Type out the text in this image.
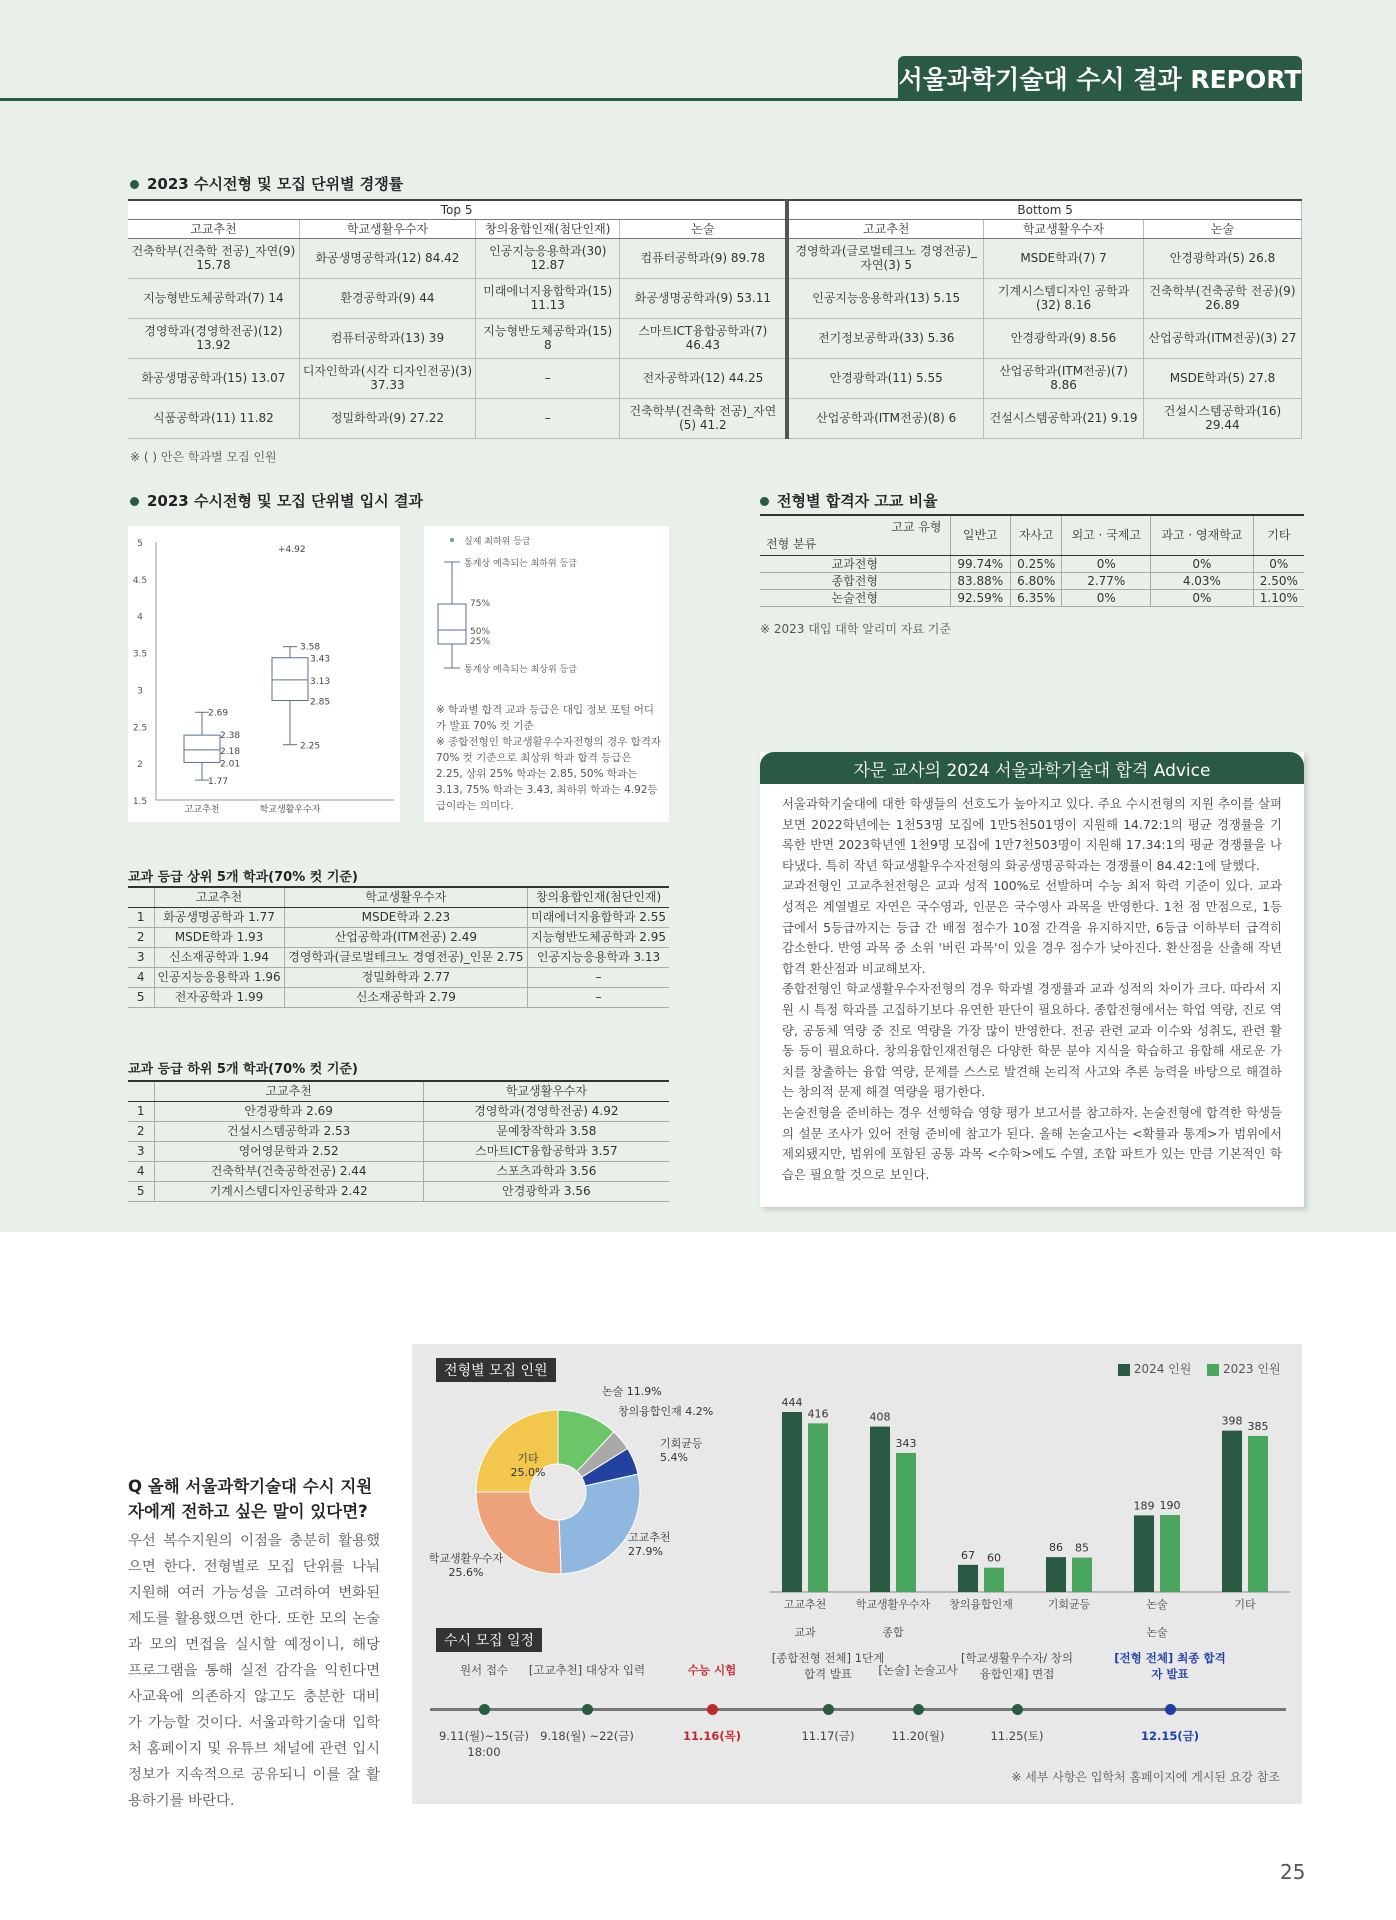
서울과학기술대 수시 결과 REPORT
2023 수시전형 및 모집 단위별 경쟁률
Top 5				Bottom 5		
고교추천	학교생활우수자	창의융합인재(첨단인재)	논술	고교추천	학교생활우수자	논술
건축학부(건축학 전공)_자연(9) 15.78	화공생명공학과(12) 84.42	인공지능응용학과(30) 12.87	컴퓨터공학과(9) 89.78	경영학과(글로벌테크노 경영전공)_자연(3) 5	MSDE학과(7) 7	안경광학과(5) 26.8
지능형반도체공학과(7) 14	환경공학과(9) 44	미래에너지융합학과(15) 11.13	화공생명공학과(9) 53.11	인공지능응용학과(13) 5.15	기계시스템디자인 공학과(32) 8.16	건축학부(건축공학 전공)(9) 26.89
경영학과(경영학전공)(12) 13.92	컴퓨터공학과(13) 39	지능형반도체공학과(15) 8	스마트ICT융합공학과(7) 46.43	전기정보공학과(33) 5.36	안경광학과(9) 8.56	산업공학과(ITM전공)(3) 27
화공생명공학과(15) 13.07	디자인학과(시각 디자인전공)(3) 37.33	–	전자공학과(12) 44.25	안경광학과(11) 5.55	산업공학과(ITM전공)(7) 8.86	MSDE학과(5) 27.8
식품공학과(11) 11.82	정밀화학과(9) 27.22	–	건축학부(건축학 전공)_자연(5) 41.2	산업공학과(ITM전공)(8) 6	건설시스템공학과(21) 9.19	건설시스템공학과(16) 29.44
※ ( ) 안은 학과별 모집 인원
2023 수시전형 및 모집 단위별 입시 결과
5
4.5
4
3.5
3
2.5
2
1.5
고교추천	학교생활우수자
2.69
2.38
2.18
2.01
1.77
3.58
3.43
3.13
2.85
2.25
+4.92
실제 최하위 등급
통계상 예측되는 최하위 등급
75%
50%
25%
통계상 예측되는 최상위 등급
※ 학과별 합격 교과 등급은 대입 정보 포털 어디가 발표 70% 컷 기준
※ 종합전형인 학교생활우수자전형의 경우 합격자 70% 컷 기준으로 최상위 학과 합격 등급은 2.25, 상위 25% 학과는 2.85, 50% 학과는 3.13, 75% 학과는 3.43, 최하위 학과는 4.92등급이라는 의미다.
전형별 합격자 고교 비율
고교 유형
전형 분류	일반고	자사고	외고 · 국제고	과고 · 영재학교	기타
교과전형	99.74%	0.25%	0%	0%	0%
종합전형	83.88%	6.80%	2.77%	4.03%	2.50%
논술전형	92.59%	6.35%	0%	0%	1.10%
※ 2023 대입 대학 알리미 자료 기준
교과 등급 상위 5개 학과(70% 컷 기준)
	고교추천	학교생활우수자	창의융합인재(첨단인재)
1	화공생명공학과 1.77	MSDE학과 2.23	미래에너지융합학과 2.55
2	MSDE학과 1.93	산업공학과(ITM전공) 2.49	지능형반도체공학과 2.95
3	신소재공학과 1.94	경영학과(글로벌테크노 경영전공)_인문 2.75	인공지능응용학과 3.13
4	인공지능응용학과 1.96	정밀화학과 2.77	–
5	전자공학과 1.99	신소재공학과 2.79	–
교과 등급 하위 5개 학과(70% 컷 기준)
	고교추천	학교생활우수자
1	안경광학과 2.69	경영학과(경영학전공) 4.92
2	건설시스템공학과 2.53	문예창작학과 3.58
3	영어영문학과 2.52	스마트ICT융합공학과 3.57
4	건축학부(건축공학전공) 2.44	스포츠과학과 3.56
5	기계시스템디자인공학과 2.42	안경광학과 3.56
자문 교사의 2024 서울과학기술대 합격 Advice

서울과학기술대에 대한 학생들의 선호도가 높아지고 있다. 주요 수시전형의 지원 추이를 살펴보면 2022학년에는 1천53명 모집에 1만5천501명이 지원해 14.72:1의 평균 경쟁률을 기록한 반면 2023학년엔 1천9명 모집에 1만7천503명이 지원해 17.34:1의 평균 경쟁률을 나타냈다. 특히 작년 학교생활우수자전형의 화공생명공학과는 경쟁률이 84.42:1에 달했다.

교과전형인 고교추천전형은 교과 성적 100%로 선발하며 수능 최저 학력 기준이 있다. 교과 성적은 계열별로 자연은 국수영과, 인문은 국수영사 과목을 반영한다. 1천 점 만점으로, 1등급에서 5등급까지는 등급 간 배점 점수가 10점 간격을 유지하지만, 6등급 이하부터 급격히 감소한다. 반영 과목 중 소위 '버린 과목'이 있을 경우 점수가 낮아진다. 환산점을 산출해 작년 합격 환산점과 비교해보자.

종합전형인 학교생활우수자전형의 경우 학과별 경쟁률과 교과 성적의 차이가 크다. 따라서 지원 시 특정 학과를 고집하기보다 유연한 판단이 필요하다. 종합전형에서는 학업 역량, 진로 역량, 공동체 역량 중 진로 역량을 가장 많이 반영한다. 전공 관련 교과 이수와 성취도, 관련 활동 등이 필요하다. 창의융합인재전형은 다양한 학문 분야 지식을 학습하고 융합해 새로운 가치를 창출하는 융합 역량, 문제를 스스로 발견해 논리적 사고와 추론 능력을 바탕으로 해결하는 창의적 문제 해결 역량을 평가한다.

논술전형을 준비하는 경우 선행학습 영향 평가 보고서를 참고하자. 논술전형에 합격한 학생들의 설문 조사가 있어 전형 준비에 참고가 된다. 올해 논술고사는 <확률과 통계>가 범위에서 제외됐지만, 범위에 포함된 공통 과목 <수학>에도 수열, 조합 파트가 있는 만큼 기본적인 학습은 필요할 것으로 보인다.

Q 올해 서울과학기술대 수시 지원자에게 전하고 싶은 말이 있다면?
우선 복수지원의 이점을 충분히 활용했으면 한다. 전형별로 모집 단위를 나눠 지원해 여러 가능성을 고려하여 변화된 제도를 활용했으면 한다. 또한 모의 논술과 모의 면접을 실시할 예정이니, 해당 프로그램을 통해 실전 감각을 익힌다면 사교육에 의존하지 않고도 충분한 대비가 가능할 것이다. 서울과학기술대 입학처 홈페이지 및 유튜브 채널에 관련 입시 정보가 지속적으로 공유되니 이를 잘 활용하기를 바란다.
전형별 모집 인원
논술 11.9%
창의융합인재 4.2%
기회균등
5.4%
고교추천
27.9%
학교생활우수자
25.6%
기타
25.0%
2024 인원	2023 인원
444
416
고교추천
교과
408
343
학교생활우수자
종합
67 60
창의융합인재
86 85
기회균등
189 190
논술
논술
398 385
기타
수시 모집 일정
원서 접수
9.11(월)~15(금) 18:00
[고교추천] 대상자 입력
9.18(월) ~22(금)
수능 시험
11.16(목)
[종합전형 전체] 1단계 합격 발표
11.17(금)
[논술] 논술고사
11.20(월)
[학교생활우수자/ 창의융합인재] 면접
11.25(토)
[전형 전체] 최종 합격자 발표
12.15(금)
※ 세부 사항은 입학처 홈페이지에 게시된 요강 참조
25
